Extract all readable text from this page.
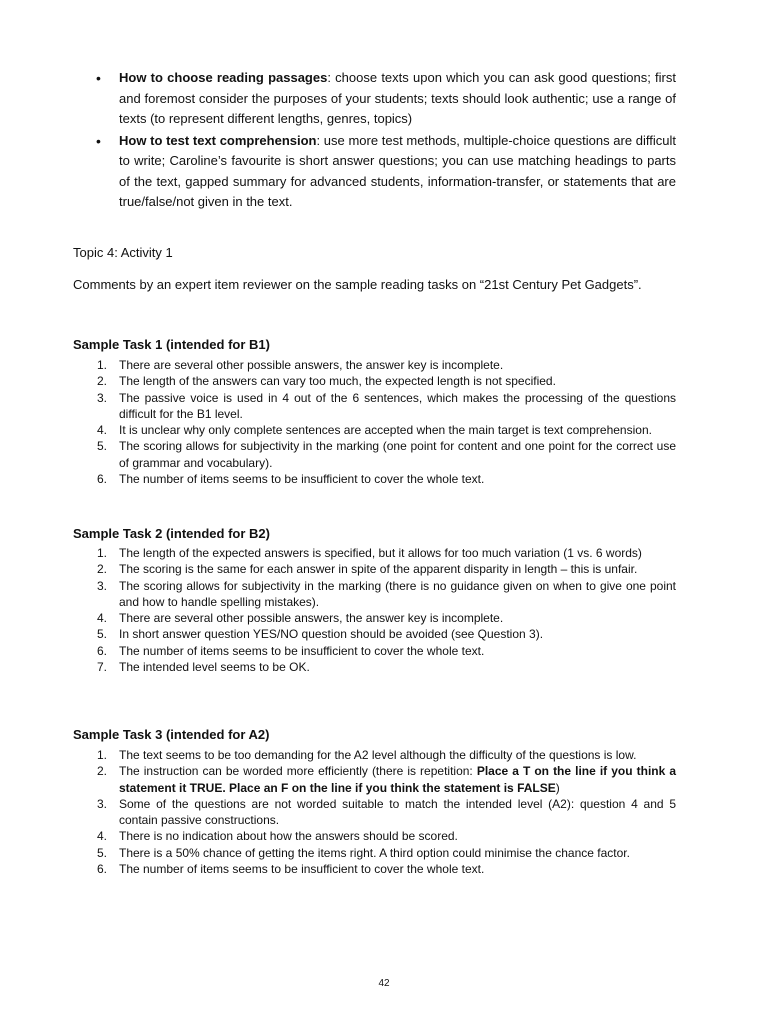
• How to choose reading passages: choose texts upon which you can ask good questions; first and foremost consider the purposes of your students; texts should look authentic; use a range of texts (to represent different lengths, genres, topics)
• How to test text comprehension: use more test methods, multiple-choice questions are difficult to write; Caroline’s favourite is short answer questions; you can use matching headings to parts of the text, gapped summary for advanced students, information-transfer, or statements that are true/false/not given in the text.
Topic 4: Activity 1
Comments by an expert item reviewer on the sample reading tasks on “21st Century Pet Gadgets”.
Sample Task 1 (intended for B1)
1. There are several other possible answers, the answer key is incomplete.
2. The length of the answers can vary too much, the expected length is not specified.
3. The passive voice is used in 4 out of the 6 sentences, which makes the processing of the questions difficult for the B1 level.
4. It is unclear why only complete sentences are accepted when the main target is text comprehension.
5. The scoring allows for subjectivity in the marking (one point for content and one point for the correct use of grammar and vocabulary).
6. The number of items seems to be insufficient to cover the whole text.
Sample Task 2 (intended for B2)
1. The length of the expected answers is specified, but it allows for too much variation (1 vs. 6 words)
2. The scoring is the same for each answer in spite of the apparent disparity in length – this is unfair.
3. The scoring allows for subjectivity in the marking (there is no guidance given on when to give one point and how to handle spelling mistakes).
4. There are several other possible answers, the answer key is incomplete.
5. In short answer question YES/NO question should be avoided (see Question 3).
6. The number of items seems to be insufficient to cover the whole text.
7. The intended level seems to be OK.
Sample Task 3 (intended for A2)
1. The text seems to be too demanding for the A2 level although the difficulty of the questions is low.
2. The instruction can be worded more efficiently (there is repetition: Place a T on the line if you think a statement it TRUE. Place an F on the line if you think the statement is FALSE)
3. Some of the questions are not worded suitable to match the intended level (A2): question 4 and 5 contain passive constructions.
4. There is no indication about how the answers should be scored.
5. There is a 50% chance of getting the items right. A third option could minimise the chance factor.
6. The number of items seems to be insufficient to cover the whole text.
42
